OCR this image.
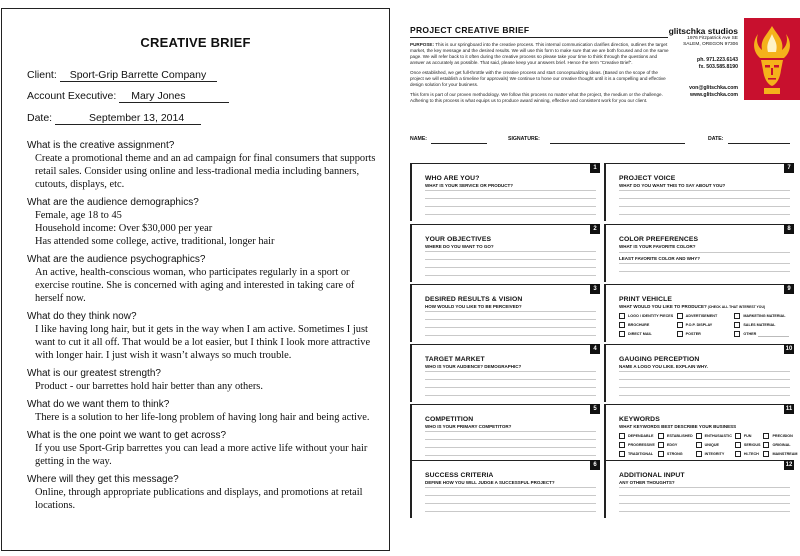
CREATIVE BRIEF
Client: Sport-Grip Barrette Company
Account Executive: Mary Jones
Date:	September 13, 2014
What is the creative assignment?
Create a promotional theme and an ad campaign for final consumers that supports retail sales. Consider using online and less-tradional media including banners, cutouts, displays, etc.
What are the audience demographics?
Female, age 18 to 45
Household income: Over $30,000 per year
Has attended some college, active, traditional, longer hair
What are the audience psychographics?
An active, health-conscious woman, who participates regularly in a sport or exercise routine. She is concerned with aging and interested in taking care of herself now.
What do they think now?
I like having long hair, but it gets in the way when I am active. Sometimes I just want to cut it all off. That would be a lot easier, but I think I look more attractive with longer hair. I just wish it wasn’t always so much trouble.
What is our greatest strength?
Product - our barrettes hold hair better than any others.
What do we want them to think?
There is a solution to her life-long problem of having long hair and being active.
What is the one point we want to get across?
If you use Sport-Grip barrettes you can lead a more active life without your hair getting in the way.
Where will they get this message?
Online, through appropriate publications and displays, and promotions at retail locations.
PROJECT CREATIVE BRIEF

PURPOSE: This is our springboard into the creative process. This internal communication clarifies direction, outlines the target market, the key message and the desired results. We will use this form to make sure that we are both focused and on the same page. We will refer back to it often during the creative process so please take your time to think through the questions and answer as accurately as possible. That said, please keep your answers brief. Hence the term "Creative Brief".

Once established, we get full-throttle with the creative process and start conceptualizing ideas. (Based on the scope of the project we will establish a timeline for approvals) We continue to hone our creative thought until it is a compelling and effective design solution for your business.

This form is part of our proven methodology. We follow this process no matter what the project, the medium or the challenge. Adhering to this process is what equips us to produce award winning, effective and consistent work for you our client.

glitschka studios
1976 Fitzpatrick Ave SE
SALEM, OREGON 97306
ph. 971.223.6143
fx. 503.585.8190
von@glitschka.com
www.glitschka.com
NAME:	SIGNATURE:	DATE:
1
WHO ARE YOU?
WHAT IS YOUR SERVICE OR PRODUCT?
2
YOUR OBJECTIVES
WHERE DO YOU WANT TO GO?
3
DESIRED RESULTS & VISION
HOW WOULD YOU LIKE TO BE PERCEIVED?
4
TARGET MARKET
WHO IS YOUR AUDIENCE? DEMOGRAPHIC?
5
COMPETITION
WHO IS YOUR PRIMARY COMPETITOR?
6
SUCCESS CRITERIA
DEFINE HOW YOU WILL JUDGE A SUCCESSFUL PROJECT?
7
PROJECT VOICE
WHAT DO YOU WANT THIS TO SAY ABOUT YOU?
8
COLOR PREFERENCES
WHAT IS YOUR FAVORITE COLOR?
LEAST FAVORITE COLOR AND WHY?
9
PRINT VEHICLE
WHAT WOULD YOU LIKE TO PRODUCE? (CHECK ALL THAT INTEREST YOU)
LOGO / IDENTITY PIECES	ADVERTISEMENT	MARKETING MATERIAL
BROCHURE	P.O.P. DISPLAY	SALES MATERIAL
DIRECT MAIL	POSTER	OTHER
10
GAUGING PERCEPTION
NAME A LOGO YOU LIKE. EXPLAIN WHY.
11
KEYWORDS
WHAT KEYWORDS BEST DESCRIBE YOUR BUSINESS
DEPENDABLE	ESTABLISHED	ENTHUSIASTIC	FUN	PRECISION
PROGRESSIVE	EDGY	UNIQUE	SERIOUS	ORIGINAL
TRADITIONAL	STRONG	INTEGRITY	HI-TECH	MAINSTREAM
12
ADDITIONAL INPUT
ANY OTHER THOUGHTS?
